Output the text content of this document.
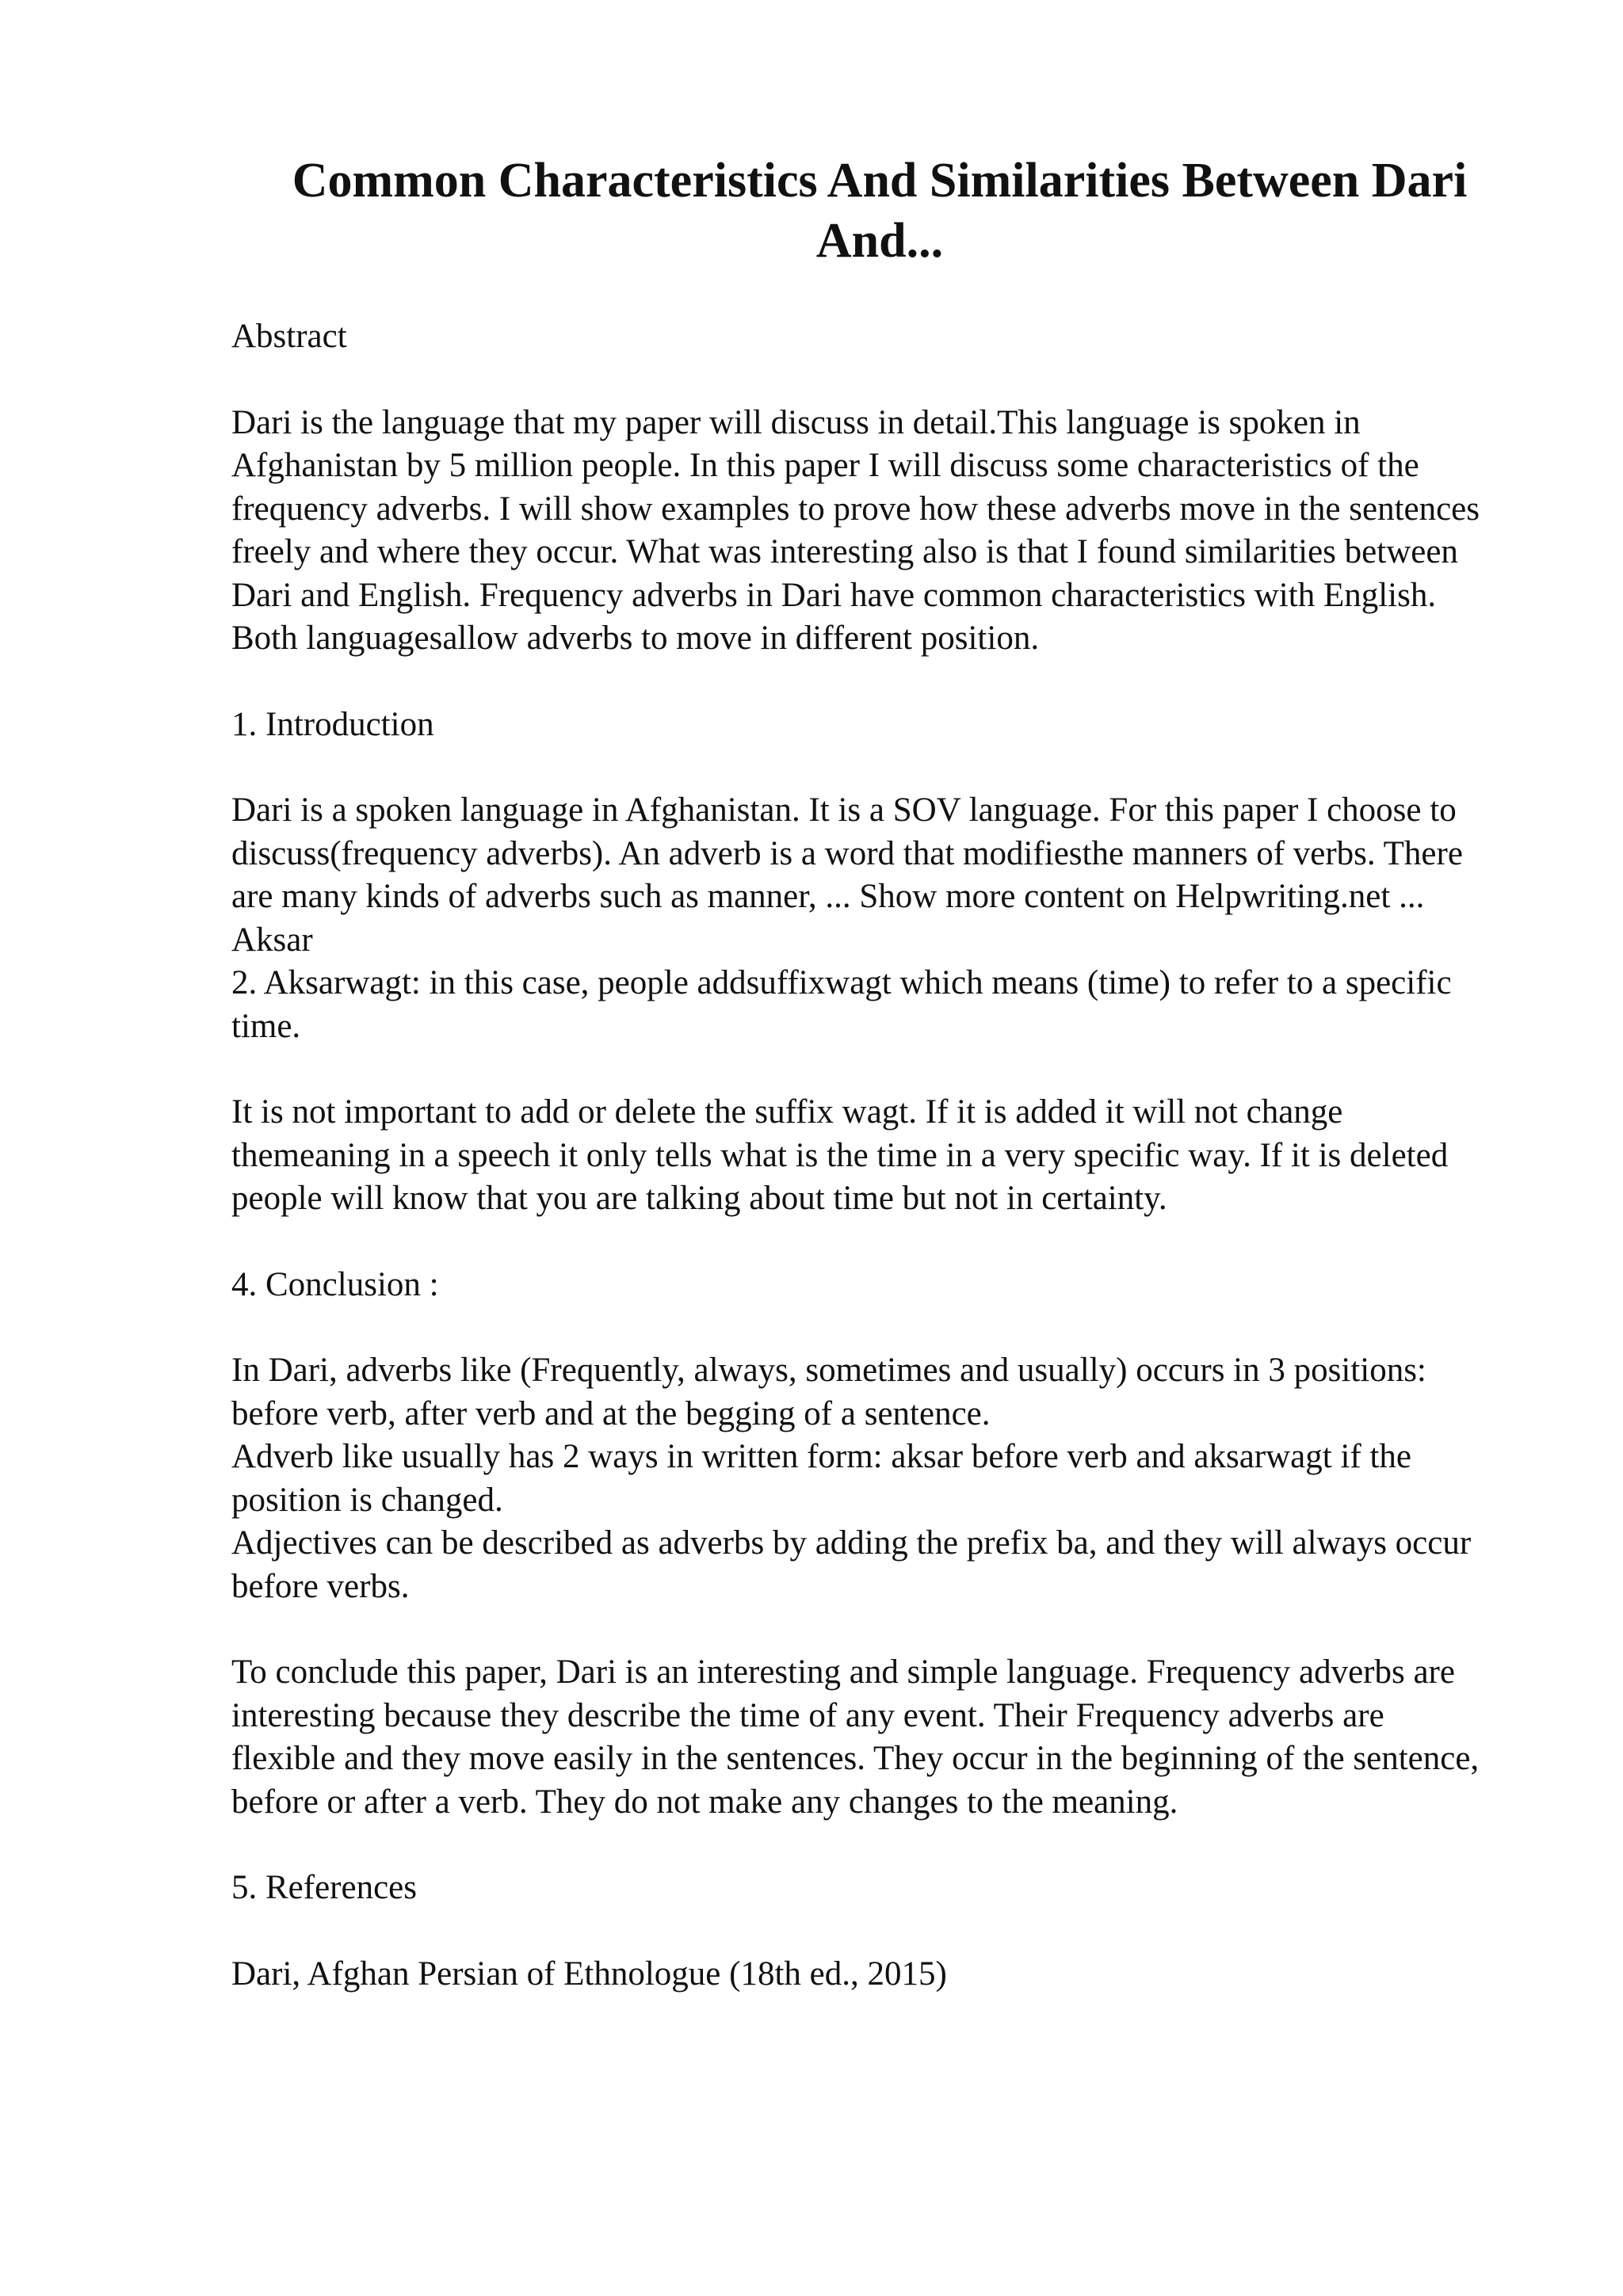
Common Characteristics And Similarities Between Dari And...

Abstract

Dari is the language that my paper will discuss in detail.This language is spoken in Afghanistan by 5 million people. In this paper I will discuss some characteristics of the frequency adverbs. I will show examples to prove how these adverbs move in the sentences freely and where they occur. What was interesting also is that I found similarities between Dari and English. Frequency adverbs in Dari have common characteristics with English. Both languagesallow adverbs to move in different position.

1. Introduction

Dari is a spoken language in Afghanistan. It is a SOV language. For this paper I choose to discuss(frequency adverbs). An adverb is a word that modifiesthe manners of verbs. There are many kinds of adverbs such as manner, ... Show more content on Helpwriting.net ...

Aksar

2. Aksarwagt: in this case, people addsuffixwagt which means (time) to refer to a specific time.

It is not important to add or delete the suffix wagt. If it is added it will not change themeaning in a speech it only tells what is the time in a very specific way. If it is deleted people will know that you are talking about time but not in certainty.

4. Conclusion :

In Dari, adverbs like (Frequently, always, sometimes and usually) occurs in 3 positions: before verb, after verb and at the begging of a sentence.
Adverb like usually has 2 ways in written form: aksar before verb and aksarwagt if the position is changed.
Adjectives can be described as adverbs by adding the prefix ba, and they will always occur before verbs.

To conclude this paper, Dari is an interesting and simple language. Frequency adverbs are interesting because they describe the time of any event. Their Frequency adverbs are flexible and they move easily in the sentences. They occur in the beginning of the sentence, before or after a verb. They do not make any changes to the meaning.

5. References

Dari, Afghan Persian of Ethnologue (18th ed., 2015)
